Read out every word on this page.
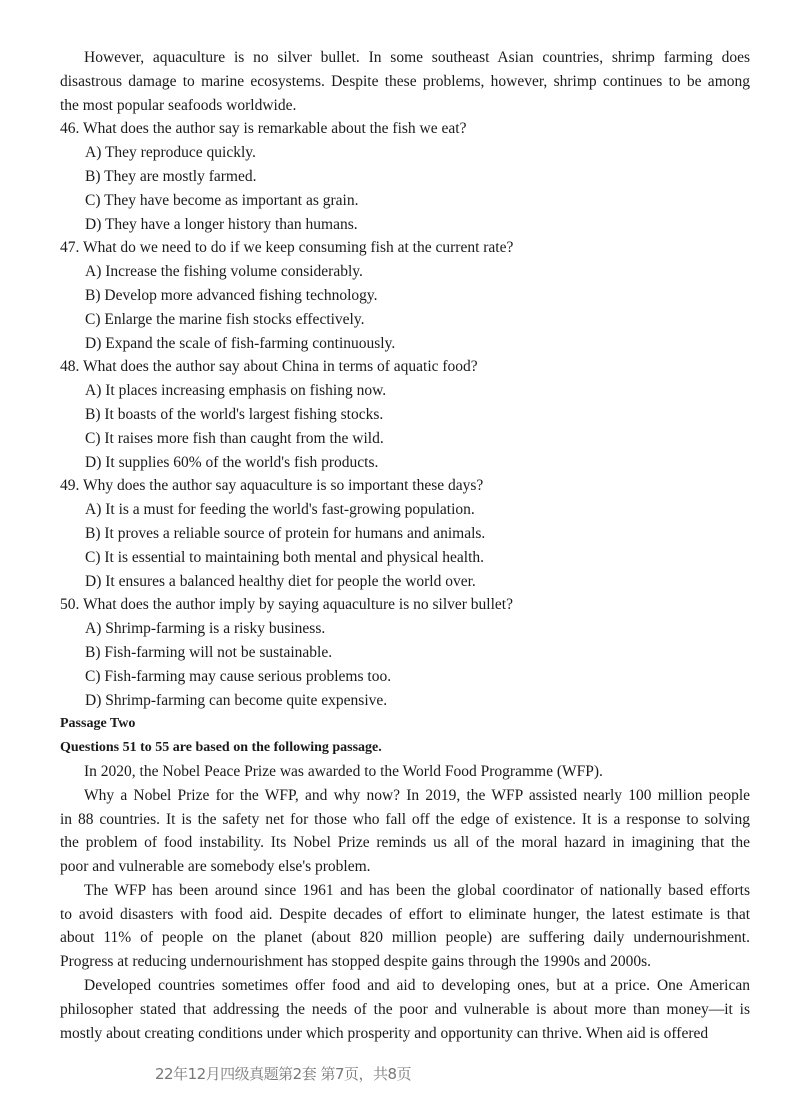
However, aquaculture is no silver bullet. In some southeast Asian countries, shrimp farming does
disastrous damage to marine ecosystems. Despite these problems, however, shrimp continues to be among
the most popular seafoods worldwide.
46. What does the author say is remarkable about the fish we eat?
A) They reproduce quickly.
B) They are mostly farmed.
C) They have become as important as grain.
D) They have a longer history than humans.
47. What do we need to do if we keep consuming fish at the current rate?
A) Increase the fishing volume considerably.
B) Develop more advanced fishing technology.
C) Enlarge the marine fish stocks effectively.
D) Expand the scale of fish-farming continuously.
48. What does the author say about China in terms of aquatic food?
A) It places increasing emphasis on fishing now.
B) It boasts of the world's largest fishing stocks.
C) It raises more fish than caught from the wild.
D) It supplies 60% of the world's fish products.
49. Why does the author say aquaculture is so important these days?
A) It is a must for feeding the world's fast-growing population.
B) It proves a reliable source of protein for humans and animals.
C) It is essential to maintaining both mental and physical health.
D) It ensures a balanced healthy diet for people the world over.
50. What does the author imply by saying aquaculture is no silver bullet?
A) Shrimp-farming is a risky business.
B) Fish-farming will not be sustainable.
C) Fish-farming may cause serious problems too.
D) Shrimp-farming can become quite expensive.
Passage Two
Questions 51 to 55 are based on the following passage.
In 2020, the Nobel Peace Prize was awarded to the World Food Programme (WFP).
Why a Nobel Prize for the WFP, and why now? In 2019, the WFP assisted nearly 100 million people
in 88 countries. It is the safety net for those who fall off the edge of existence. It is a response to solving
the problem of food instability. Its Nobel Prize reminds us all of the moral hazard in imagining that the
poor and vulnerable are somebody else's problem.
The WFP has been around since 1961 and has been the global coordinator of nationally based efforts
to avoid disasters with food aid. Despite decades of effort to eliminate hunger, the latest estimate is that
about 11% of people on the planet (about 820 million people) are suffering daily undernourishment.
Progress at reducing undernourishment has stopped despite gains through the 1990s and 2000s.
Developed countries sometimes offer food and aid to developing ones, but at a price. One American
philosopher stated that addressing the needs of the poor and vulnerable is about more than money—it is
mostly about creating conditions under which prosperity and opportunity can thrive. When aid is offered
22年12月四级真题第2套 第7页，共8页
